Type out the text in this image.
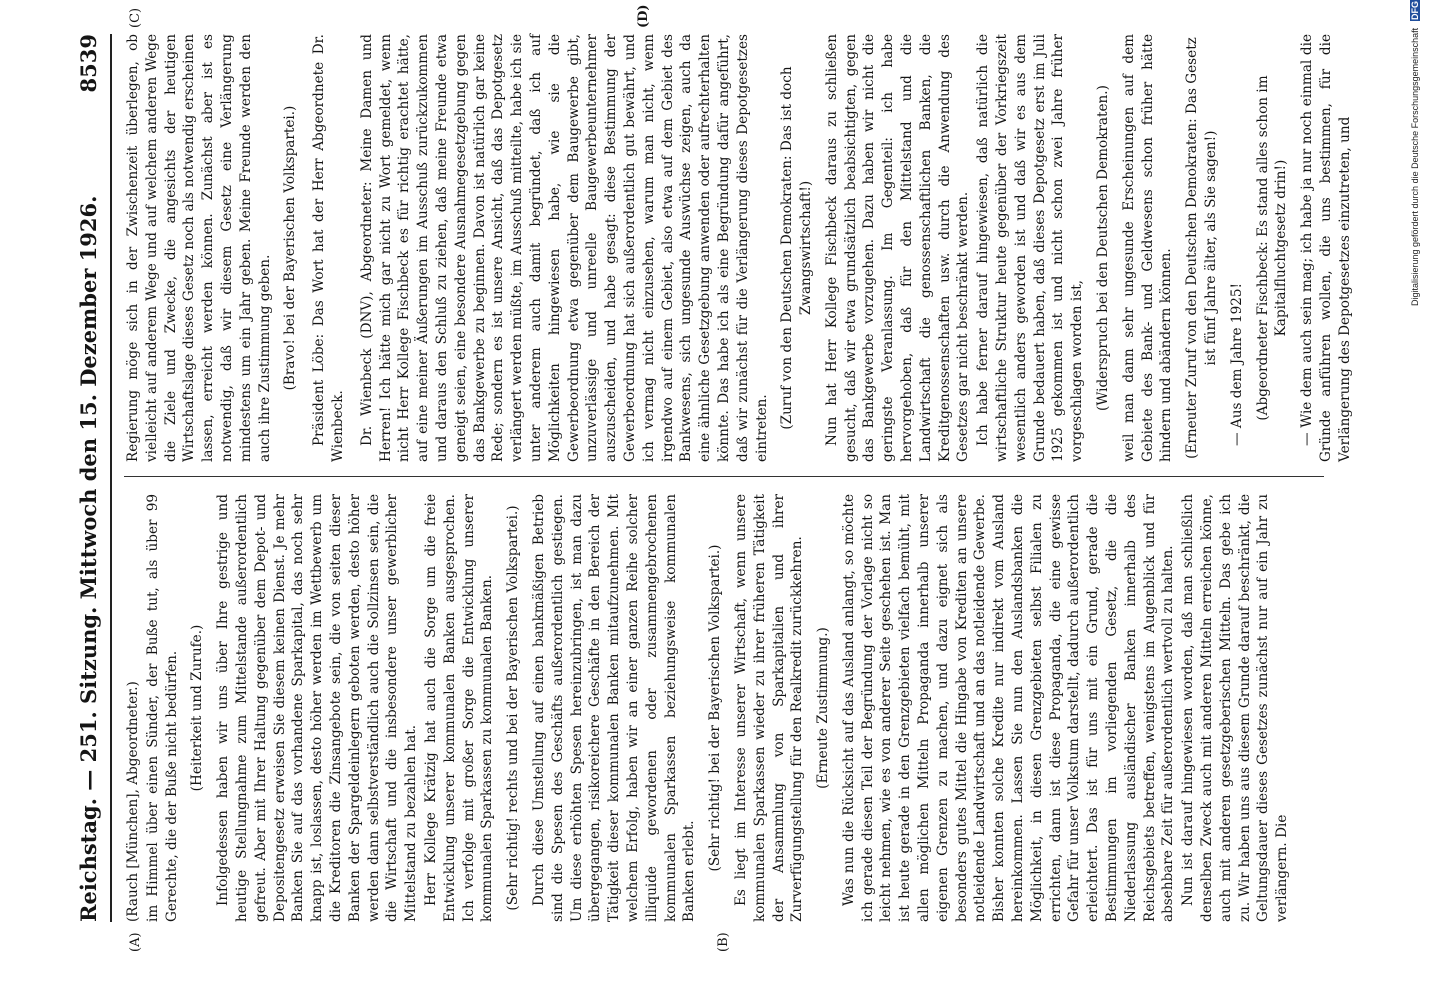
Reichstag. — 251. Sitzung. Mittwoch den 15. Dezember 1926.
8539
(A)	(B)
(C)	(D)

(Rauch [München], Abgeordneter.) im Himmel über einen Sünder, der Buße tut, als über 99 Gerechte, die der Buße nicht bedürfen. (Heiterkeit und Zurufe.) Infolgedessen haben wir uns über Ihre gestrige und heutige Stellungnahme zum Mittelstande außerordentlich gefreut. Aber mit Ihrer Haltung gegenüber dem Depot- und Depositengesetz erweisen Sie diesem keinen Dienst. Je mehr Banken Sie auf das vorhandene Sparkapital, das noch sehr knapp ist, loslassen, desto höher werden im Wettbewerb um die Kreditoren die Zinsangebote sein, die von seiten dieser Banken der Spargeldeinlegern geboten werden, desto höher werden dann selbstverständlich auch die Sollzinsen sein, die die Wirtschaft und die insbesondere unser gewerblicher Mittelstand zu bezahlen hat. Herr Kollege Krätzig hat auch die Sorge um die freie Entwicklung unserer kommunalen Banken ausgesprochen. Ich verfolge mit großer Sorge die Entwicklung unserer kommunalen Sparkassen zu kommunalen Banken. (Sehr richtig! rechts und bei der Bayerischen Volkspartei.) Durch diese Umstellung auf einen bankmäßigen Betrieb sind die Spesen des Geschäfts außerordentlich gestiegen. Um diese erhöhten Spesen hereinzubringen, ist man dazu übergegangen, risikoreichere Geschäfte in den Bereich der Tätigkeit dieser kommunalen Banken mitaufzunehmen. Mit welchem Erfolg, haben wir an einer ganzen Reihe solcher illiquide gewordenen oder zusammengebrochenen kommunalen Sparkassen beziehungsweise kommunalen Banken erlebt. (Sehr richtig! bei der Bayerischen Volkspartei.) Es liegt im Interesse unserer Wirtschaft, wenn unsere kommunalen Sparkassen wieder zu ihrer früheren Tätigkeit der Ansammlung von Sparkapitalien und ihrer Zurverfügungstellung für den Realkredit zurückkehren. (Erneute Zustimmung.) Was nun die Rücksicht auf das Ausland anlangt, so möchte ich gerade diesen Teil der Begründung der Vorlage nicht so leicht nehmen, wie es von anderer Seite geschehen ist. Man ist heute gerade in den Grenzgebieten vielfach bemüht, mit allen möglichen Mitteln Propaganda innerhalb unserer eigenen Grenzen zu machen, und dazu eignet sich als besonders gutes Mittel die Hingabe von Krediten an unsere notleidende Landwirtschaft und an das notleidende Gewerbe. Bisher konnten solche Kredite nur indirekt vom Ausland hereinkommen. Lassen Sie nun den Auslandsbanken die Möglichkeit, in diesen Grenzgebieten selbst Filialen zu errichten, dann ist diese Propaganda, die eine gewisse Gefahr für unser Volkstum darstellt, dadurch außerordentlich erleichtert. Das ist für uns mit ein Grund, gerade die Bestimmungen im vorliegenden Gesetz, die die Niederlassung ausländischer Banken innerhalb des Reichsgebiets betreffen, wenigstens im Augenblick und für absehbare Zeit für außerordentlich wertvoll zu halten. Nun ist darauf hingewiesen worden, daß man schließlich denselben Zweck auch mit anderen Mitteln erreichen könne, auch mit anderen gesetzgeberischen Mitteln. Das gebe ich zu. Wir haben uns aus diesem Grunde darauf beschränkt, die Geltungsdauer dieses Gesetzes zunächst nur auf ein Jahr zu verlängern. Die

Regierung möge sich in der Zwischenzeit überlegen, ob vielleicht auf anderem Wege und auf welchem anderen Wege die Ziele und Zwecke, die angesichts der heutigen Wirtschaftslage dieses Gesetz noch als notwendig erscheinen lassen, erreicht werden können. Zunächst aber ist es notwendig, daß wir diesem Gesetz eine Verlängerung mindestens um ein Jahr geben. Meine Freunde werden den auch ihre Zustimmung geben. (Bravo! bei der Bayerischen Volkspartei.) Präsident Löbe: Das Wort hat der Herr Abgeordnete Dr. Wienbeck. Dr. Wienbeck (DNV), Abgeordneter: Meine Damen und Herren! Ich hätte mich gar nicht zu Wort gemeldet, wenn nicht Herr Kollege Fischbeck es für richtig erachtet hätte, auf eine meiner Äußerungen im Ausschuß zurückzukommen und daraus den Schluß zu ziehen, daß meine Freunde etwa geneigt seien, eine besondere Ausnahmegesetzgebung gegen das Bankgewerbe zu beginnen. Davon ist natürlich gar keine Rede; sondern es ist unsere Ansicht, daß das Depotgesetz verlängert werden müßte, im Ausschuß mitteilte, habe ich sie unter anderem auch damit begründet, daß ich auf Möglichkeiten hingewiesen habe, wie sie die Gewerbeordnung etwa gegenüber dem Baugewerbe gibt, unzuverlässige und unreelle Baugewerbeunternehmer auszuscheiden, und habe gesagt: diese Bestimmung der Gewerbeordnung hat sich außerordentlich gut bewährt, und ich vermag nicht einzusehen, warum man nicht, wenn irgendwo auf einem Gebiet, also etwa auf dem Gebiet des Bankwesens, sich ungesunde Auswüchse zeigen, auch da eine ähnliche Gesetzgebung anwenden oder aufrechterhalten könnte. Das habe ich als eine Begründung dafür angeführt, daß wir zunächst für die Verlängerung dieses Depotgesetzes eintreten. (Zuruf von den Deutschen Demokraten: Das ist doch Zwangswirtschaft!) Nun hat Herr Kollege Fischbeck daraus zu schließen gesucht, daß wir etwa grundsätzlich beabsichtigten, gegen das Bankgewerbe vorzugehen. Dazu haben wir nicht die geringste Veranlassung. Im Gegenteil: ich habe hervorgehoben, daß für den Mittelstand und die Landwirtschaft die genossenschaftlichen Banken, die Kreditgenossenschaften usw. durch die Anwendung des Gesetzes gar nicht beschränkt werden. Ich habe ferner darauf hingewiesen, daß natürlich die wirtschaftliche Struktur heute gegenüber der Vorkriegszeit wesentlich anders geworden ist und daß wir es aus dem Grunde bedauert haben, daß dieses Depotgesetz erst im Juli 1925 gekommen ist und nicht schon zwei Jahre früher vorgeschlagen worden ist, (Widerspruch bei den Deutschen Demokraten.) weil man dann sehr ungesunde Erscheinungen auf dem Gebiete des Bank- und Geldwesens schon früher hätte hindern und abändern können. (Erneuter Zuruf von den Deutschen Demokraten: Das Gesetz ist fünf Jahre älter, als Sie sagen!) — Aus dem Jahre 1925! (Abgeordneter Fischbeck: Es stand alles schon im Kapitalfluchtgesetz drin!) — Wie dem auch sein mag; ich habe ja nur noch einmal die Gründe anführen wollen, die uns bestimmen, für die Verlängerung des Depotgesetzes einzutreten, und	Digitalisierung gefördert durch die Deutsche Forschungsgemeinschaft DFG
